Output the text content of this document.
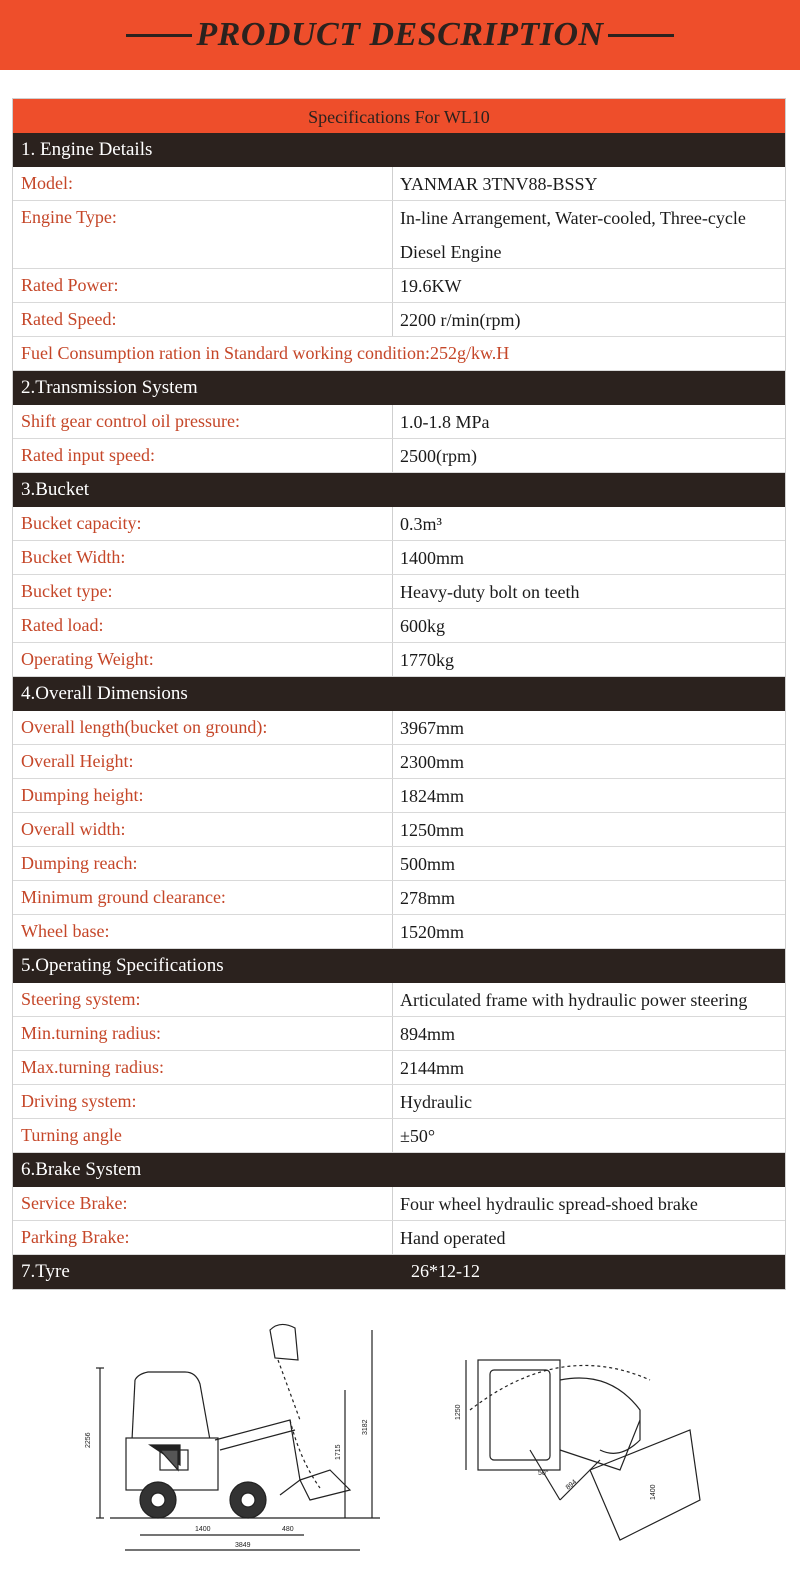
PRODUCT DESCRIPTION
Specifications For WL10
1. Engine Details
Model:	YANMAR 3TNV88-BSSY
Engine Type:	In-line Arrangement, Water-cooled, Three-cycle
Diesel Engine
Rated Power:	19.6KW
Rated Speed:	2200 r/min(rpm)
Fuel Consumption ration in Standard working condition:252g/kw.H
2.Transmission System
Shift gear control oil pressure:	1.0-1.8 MPa
Rated input speed:	2500(rpm)
3.Bucket
Bucket capacity:	0.3m³
Bucket Width:	1400mm
Bucket type:	Heavy-duty bolt on teeth
Rated load:	600kg
Operating Weight:	1770kg
4.Overall Dimensions
Overall length(bucket on ground):	3967mm
Overall Height:	2300mm
Dumping height:	1824mm
Overall width:	1250mm
Dumping reach:	500mm
Minimum ground clearance:	278mm
Wheel base:	1520mm
5.Operating Specifications
Steering system:	Articulated frame with hydraulic power steering
Min.turning radius:	894mm
Max.turning radius:	2144mm
Driving system:	Hydraulic
Turning angle	±50°
6.Brake System
Service Brake:	Four wheel hydraulic spread-shoed brake
Parking Brake:	Hand operated
7.Tyre	26*12-12
2256
1715
3182
1400	480
3849
1250
894	1400
50°
